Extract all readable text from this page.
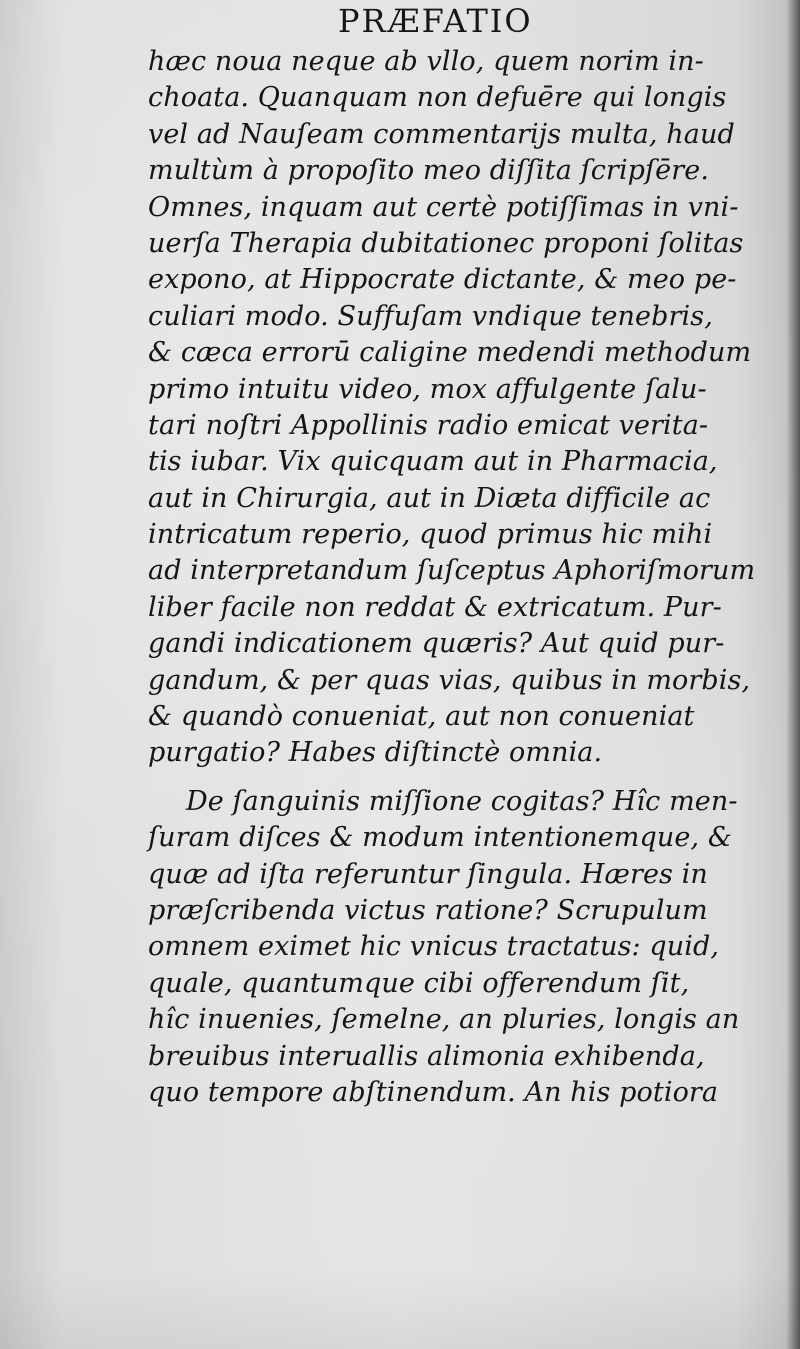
PRÆFATIO
hæc noua neque ab vllo, quem norim in-
choata. Quanquam non defuēre qui longis
vel ad Nauſeam commentarijs multa, haud
multùm à propoſito meo diſſita ſcripſēre.
Omnes, inquam aut certè potiſſimas in vni-
uerſa Therapia dubitationec proponi ſolitas
expono, at Hippocrate dictante, & meo pe-
culiari modo. Suffuſam vndique tenebris,
& cæca errorū caligine medendi methodum
primo intuitu video, mox affulgente ſalu-
tari noſtri Appollinis radio emicat verita-
tis iubar. Vix quicquam aut in Pharmacia,
aut in Chirurgia, aut in Diæta difficile ac
intricatum reperio, quod primus hic mihi
ad interpretandum ſuſceptus Aphoriſmorum
liber facile non reddat & extricatum. Pur-
gandi indicationem quæris? Aut quid pur-
gandum, & per quas vias, quibus in morbis,
& quandò conueniat, aut non conueniat
purgatio? Habes diſtinctè omnia.
De ſanguinis miſſione cogitas? Hîc men-
ſuram diſces & modum intentionemque, &
quæ ad iſta referuntur ſingula. Hæres in
præſcribenda victus ratione? Scrupulum
omnem eximet hic vnicus tractatus: quid,
quale, quantumque cibi offerendum ſit,
hîc inuenies, ſemelne, an pluries, longis an
breuibus interuallis alimonia exhibenda,
quo tempore abſtinendum. An his potiora
